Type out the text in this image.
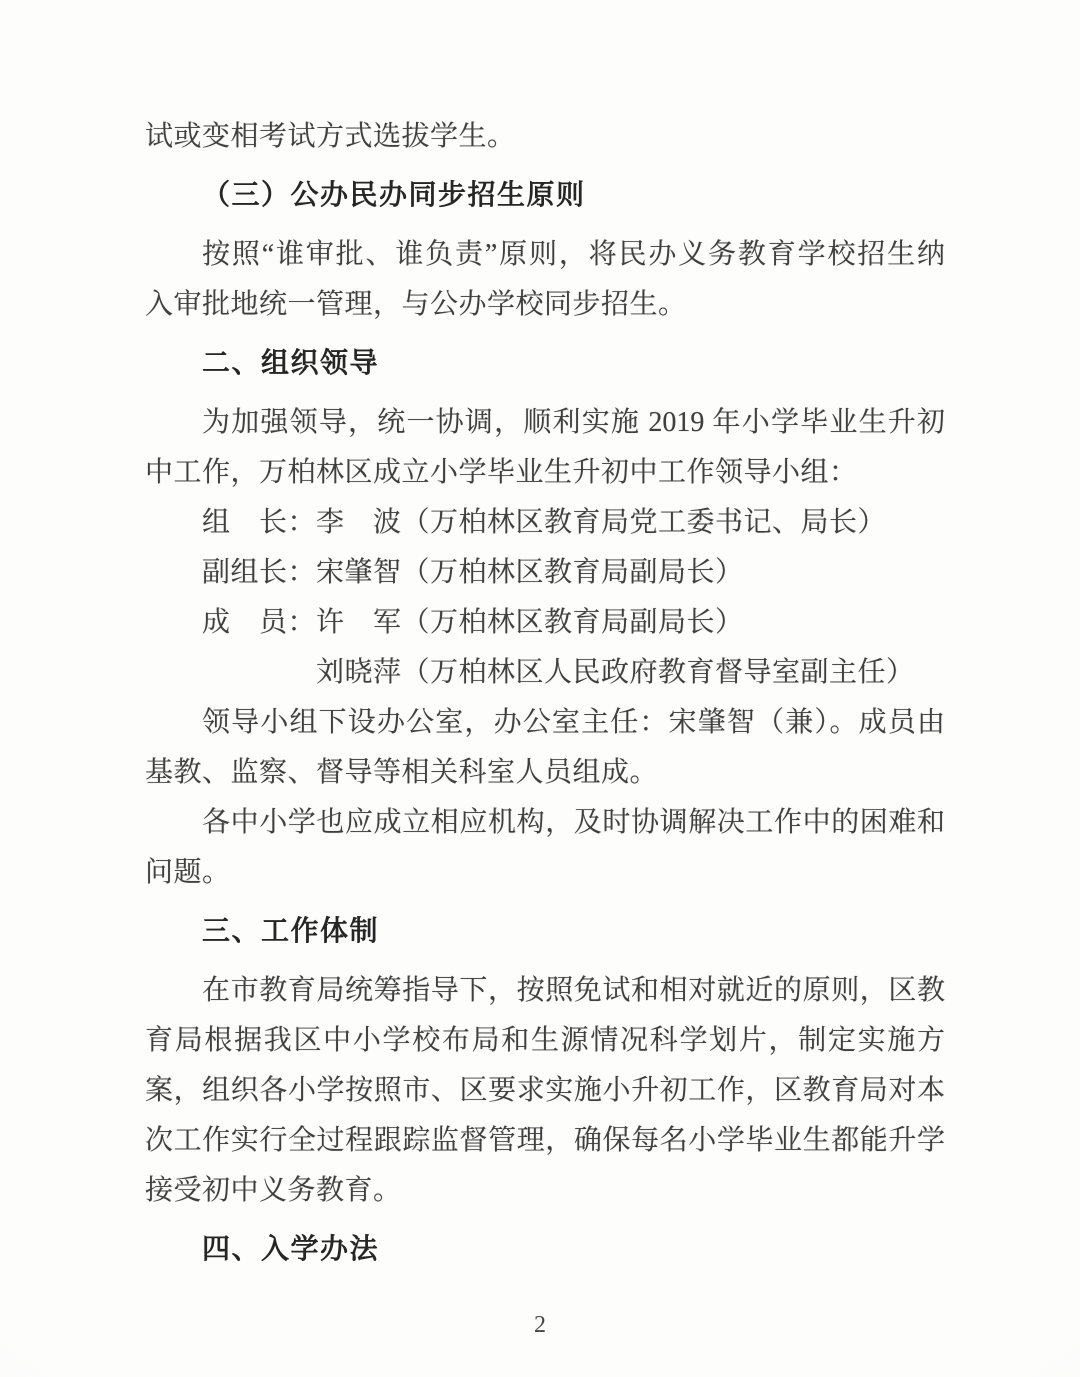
试或变相考试方式选拔学生。
（三）公办民办同步招生原则
按照“谁审批、谁负责”原则，将民办义务教育学校招生纳
入审批地统一管理，与公办学校同步招生。
二、组织领导
为加强领导，统一协调，顺利实施 2019 年小学毕业生升初
中工作，万柏林区成立小学毕业生升初中工作领导小组：
组　长：李　波（万柏林区教育局党工委书记、局长）
副组长：宋肇智（万柏林区教育局副局长）
成　员：许　军（万柏林区教育局副局长）
刘晓萍（万柏林区人民政府教育督导室副主任）
领导小组下设办公室，办公室主任：宋肇智（兼）。成员由
基教、监察、督导等相关科室人员组成。
各中小学也应成立相应机构，及时协调解决工作中的困难和
问题。
三、工作体制
在市教育局统筹指导下，按照免试和相对就近的原则，区教
育局根据我区中小学校布局和生源情况科学划片，制定实施方
案，组织各小学按照市、区要求实施小升初工作，区教育局对本
次工作实行全过程跟踪监督管理，确保每名小学毕业生都能升学
接受初中义务教育。
四、入学办法
2
